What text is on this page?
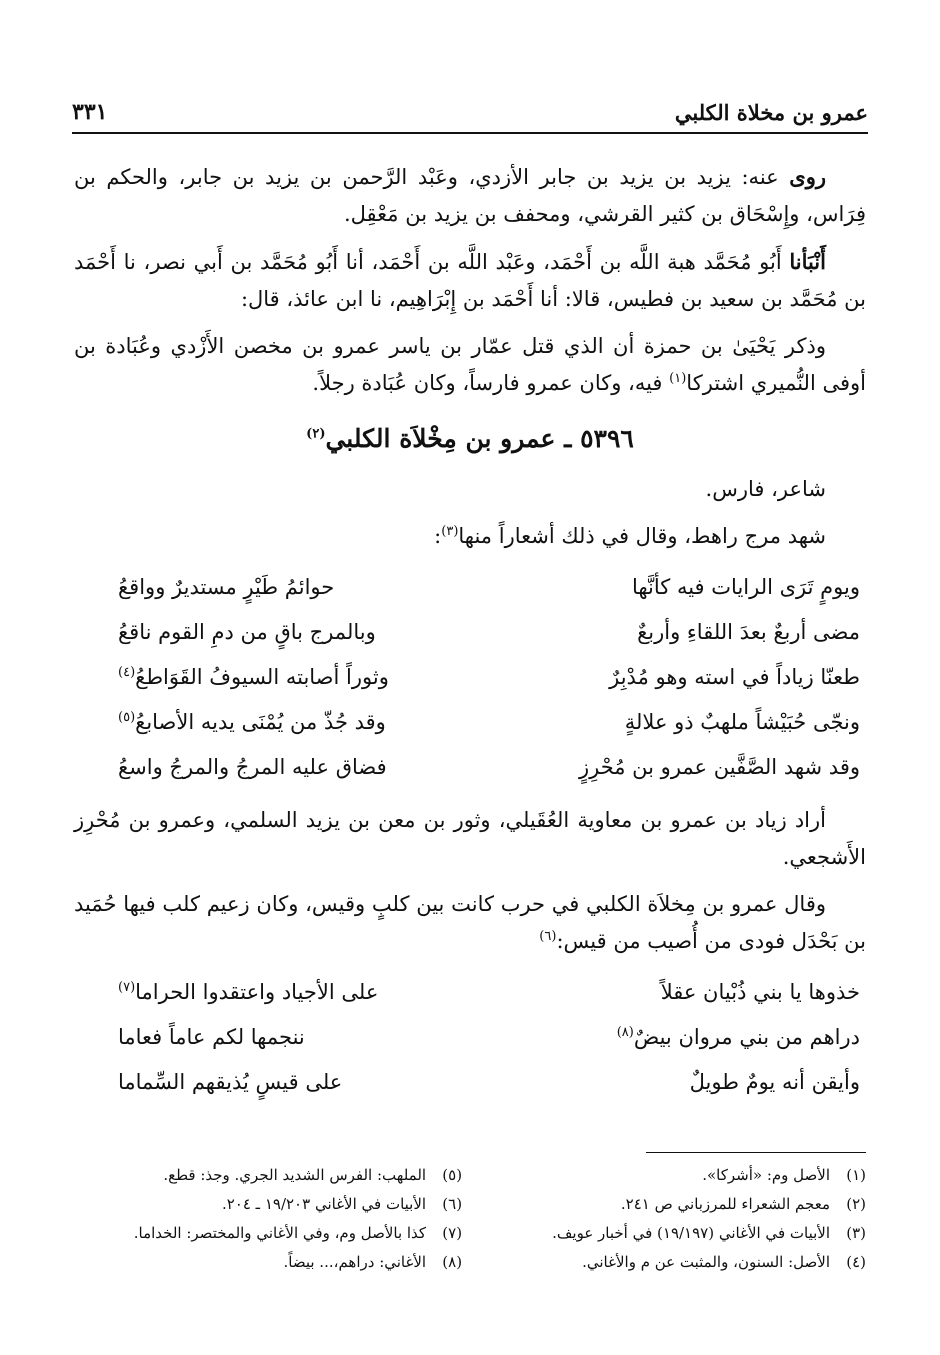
عمرو بن مخلاة الكلبي
٣٣١

روى عنه: يزيد بن يزيد بن جابر الأزدي، وعَبْد الرَّحمن بن يزيد بن جابر، والحكم بن فِرَاس، وإِسْحَاق بن كثير القرشي، ومحفف بن يزيد بن مَعْقِل.

أَنْبَأنا أَبُو مُحَمَّد هبة اللَّه بن أَحْمَد، وعَبْد اللَّه بن أَحْمَد، أنا أَبُو مُحَمَّد بن أَبي نصر، نا أَحْمَد بن مُحَمَّد بن سعيد بن فطيس، قالا: أنا أَحْمَد بن إِبْرَاهِيم، نا ابن عائذ، قال:

وذكر يَحْيَىٰ بن حمزة أن الذي قتل عمّار بن ياسر عمرو بن مخصن الأَزْدي وعُبَادة بن أوفى النُّميري اشتركا$^{(١)}$ فيه، وكان عمرو فارساً، وكان عُبَادة رجلاً.

٥٣٩٦ ـ عمرو بن مِخْلاَة الكلبي$^{(٢)}$

شاعر، فارس.

شهد مرج راهط، وقال في ذلك أشعاراً منها$^{(٣)}$:

ويومٍ تَرَى الرايات فيه كأنَّها
حوائمُ طَيْرٍ مستديرٌ وواقعُ
مضى أربعٌ بعدَ اللقاءِ وأربعٌ
وبالمرج باقٍ من دمِ القوم ناقعُ
طعنّا زياداً في استه وهو مُدْبِرٌ
وثوراً أصابته السيوفُ القَوَاطعُ$^{(٤)}$
ونجّى حُبَيْشاً ملهبٌ ذو علالةٍ
وقد جُذّ من يُمْنَى يديه الأصابعُ$^{(٥)}$
وقد شهد الصَّفَّين عمرو بن مُحْرِزٍ
فضاق عليه المرجُ والمرجُ واسعُ

أراد زياد بن عمرو بن معاوية العُقَيلي، وثور بن معن بن يزيد السلمي، وعمرو بن مُحْرِز الأَشجعي.

وقال عمرو بن مِخلاَة الكلبي في حرب كانت بين كلبٍ وقيس، وكان زعيم كلب فيها حُمَيد بن بَحْدَل فودى من أُصيب من قيس:$^{(٦)}$

خذوها يا بني ذُبْيان عقلاً
على الأجياد واعتقدوا الحراما$^{(٧)}$
دراهم من بني مروان بيضٌ$^{(٨)}$
ننجمها لكم عاماً فعاما
وأيقن أنه يومٌ طويلٌ
على قيسٍ يُذيقهم السِّماما
(١)الأصل وم: «أشركا».
(٢)معجم الشعراء للمرزباني ص ٢٤١.
(٣)الأبيات في الأغاني (١٩/١٩٧) في أخبار عويف.
(٤)الأصل: السنون، والمثبت عن م والأغاني.
(٥)الملهب: الفرس الشديد الجري. وجذ: قطع.
(٦)الأبيات في الأغاني ١٩/٢٠٣ ـ ٢٠٤.
(٧)كذا بالأصل وم، وفي الأغاني والمختصر: الخداما.
(٨)الأغاني: دراهم،... بيضاً.
